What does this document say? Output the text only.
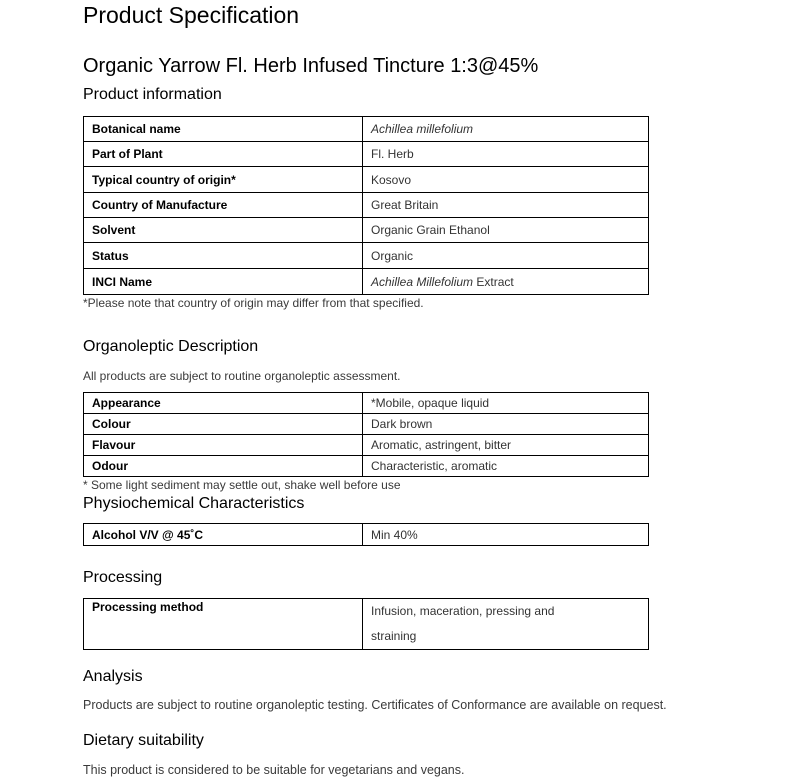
Product Specification
Organic Yarrow Fl. Herb Infused Tincture 1:3@45%
Product information
Botanical name	Achillea millefolium
Part of Plant	Fl. Herb
Typical country of origin*	Kosovo
Country of Manufacture	Great Britain
Solvent	Organic Grain Ethanol
Status	Organic
INCI Name	Achillea Millefolium Extract
*Please note that country of origin may differ from that specified.
Organoleptic Description
All products are subject to routine organoleptic assessment.
Appearance	*Mobile, opaque liquid
Colour	Dark brown
Flavour	Aromatic, astringent, bitter
Odour	Characteristic, aromatic
* Some light sediment may settle out, shake well before use
Physiochemical Characteristics
Alcohol V/V @ 45˚C	Min 40%
Processing
Processing method	Infusion, maceration, pressing and
straining
Analysis
Products are subject to routine organoleptic testing. Certificates of Conformance are available on request.
Dietary suitability
This product is considered to be suitable for vegetarians and vegans.
